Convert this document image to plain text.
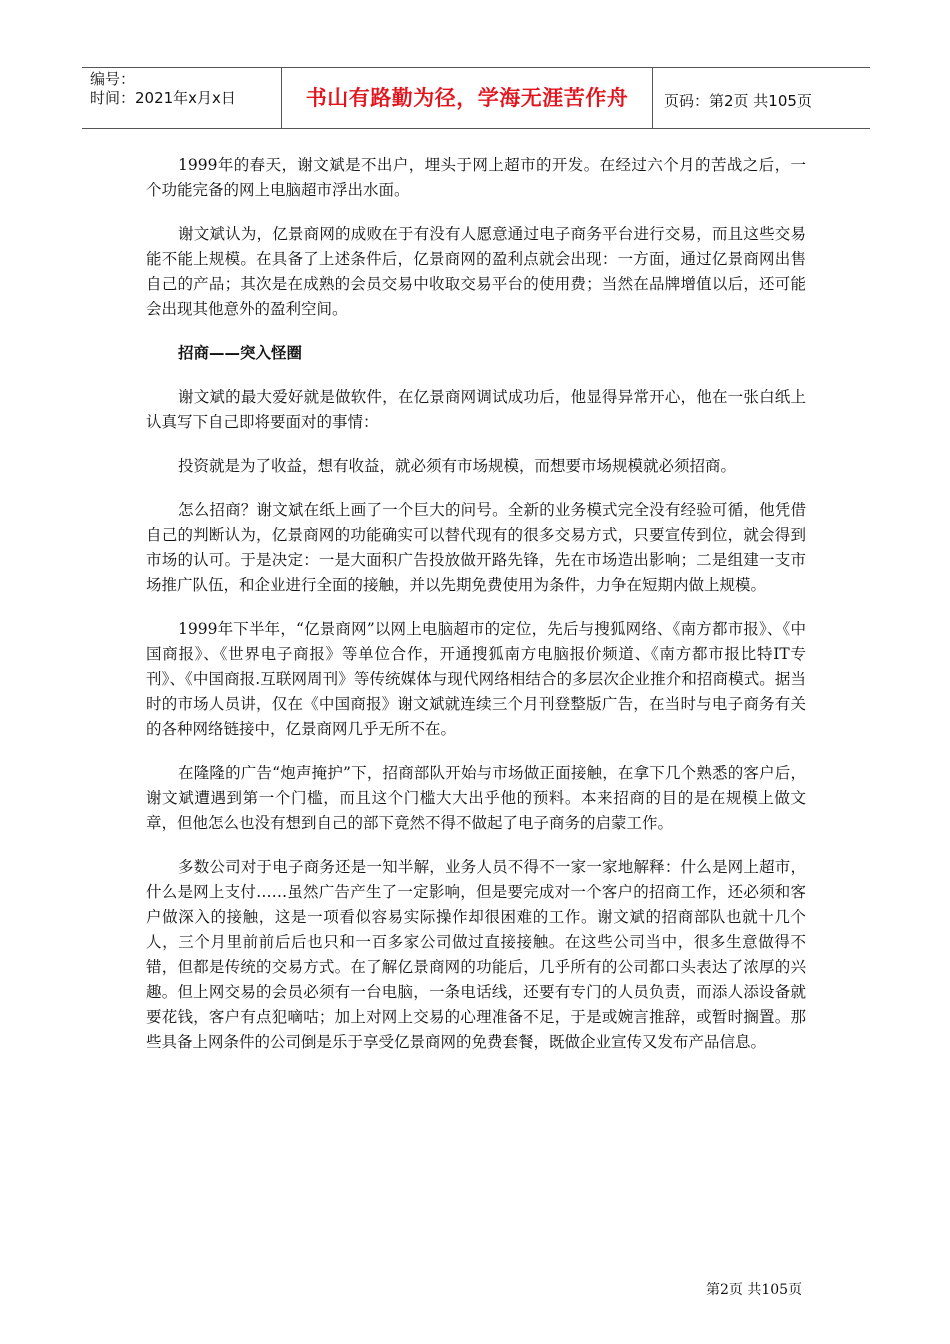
编号：
时间：2021年x月x日	书山有路勤为径，学海无涯苦作舟	页码：第2页 共105页

1999年的春天，谢文斌是不出户，埋头于网上超市的开发。在经过六个月的苦战之后，一个功能完备的网上电脑超市浮出水面。

谢文斌认为，亿景商网的成败在于有没有人愿意通过电子商务平台进行交易，而且这些交易能不能上规模。在具备了上述条件后，亿景商网的盈利点就会出现：一方面，通过亿景商网出售自己的产品；其次是在成熟的会员交易中收取交易平台的使用费；当然在品牌增值以后，还可能会出现其他意外的盈利空间。

招商——突入怪圈

谢文斌的最大爱好就是做软件，在亿景商网调试成功后，他显得异常开心，他在一张白纸上认真写下自己即将要面对的事情：

投资就是为了收益，想有收益，就必须有市场规模，而想要市场规模就必须招商。

怎么招商？谢文斌在纸上画了一个巨大的问号。全新的业务模式完全没有经验可循，他凭借自己的判断认为，亿景商网的功能确实可以替代现有的很多交易方式，只要宣传到位，就会得到市场的认可。于是决定：一是大面积广告投放做开路先锋，先在市场造出影响；二是组建一支市场推广队伍，和企业进行全面的接触，并以先期免费使用为条件，力争在短期内做上规模。

1999年下半年，“亿景商网”以网上电脑超市的定位，先后与搜狐网络、《南方都市报》、《中国商报》、《世界电子商报》等单位合作，开通搜狐南方电脑报价频道、《南方都市报比特IT专刊》、《中国商报.互联网周刊》等传统媒体与现代网络相结合的多层次企业推介和招商模式。据当时的市场人员讲，仅在《中国商报》谢文斌就连续三个月刊登整版广告，在当时与电子商务有关的各种网络链接中，亿景商网几乎无所不在。

在隆隆的广告“炮声掩护”下，招商部队开始与市场做正面接触，在拿下几个熟悉的客户后，谢文斌遭遇到第一个门槛，而且这个门槛大大出乎他的预料。本来招商的目的是在规模上做文章，但他怎么也没有想到自己的部下竟然不得不做起了电子商务的启蒙工作。

多数公司对于电子商务还是一知半解，业务人员不得不一家一家地解释：什么是网上超市，什么是网上支付……虽然广告产生了一定影响，但是要完成对一个客户的招商工作，还必须和客户做深入的接触，这是一项看似容易实际操作却很困难的工作。谢文斌的招商部队也就十几个人，三个月里前前后后也只和一百多家公司做过直接接触。在这些公司当中，很多生意做得不错，但都是传统的交易方式。在了解亿景商网的功能后，几乎所有的公司都口头表达了浓厚的兴趣。但上网交易的会员必须有一台电脑，一条电话线，还要有专门的人员负责，而添人添设备就要花钱，客户有点犯嘀咕；加上对网上交易的心理准备不足，于是或婉言推辞，或暂时搁置。那些具备上网条件的公司倒是乐于享受亿景商网的免费套餐，既做企业宣传又发布产品信息。

第2页 共105页
